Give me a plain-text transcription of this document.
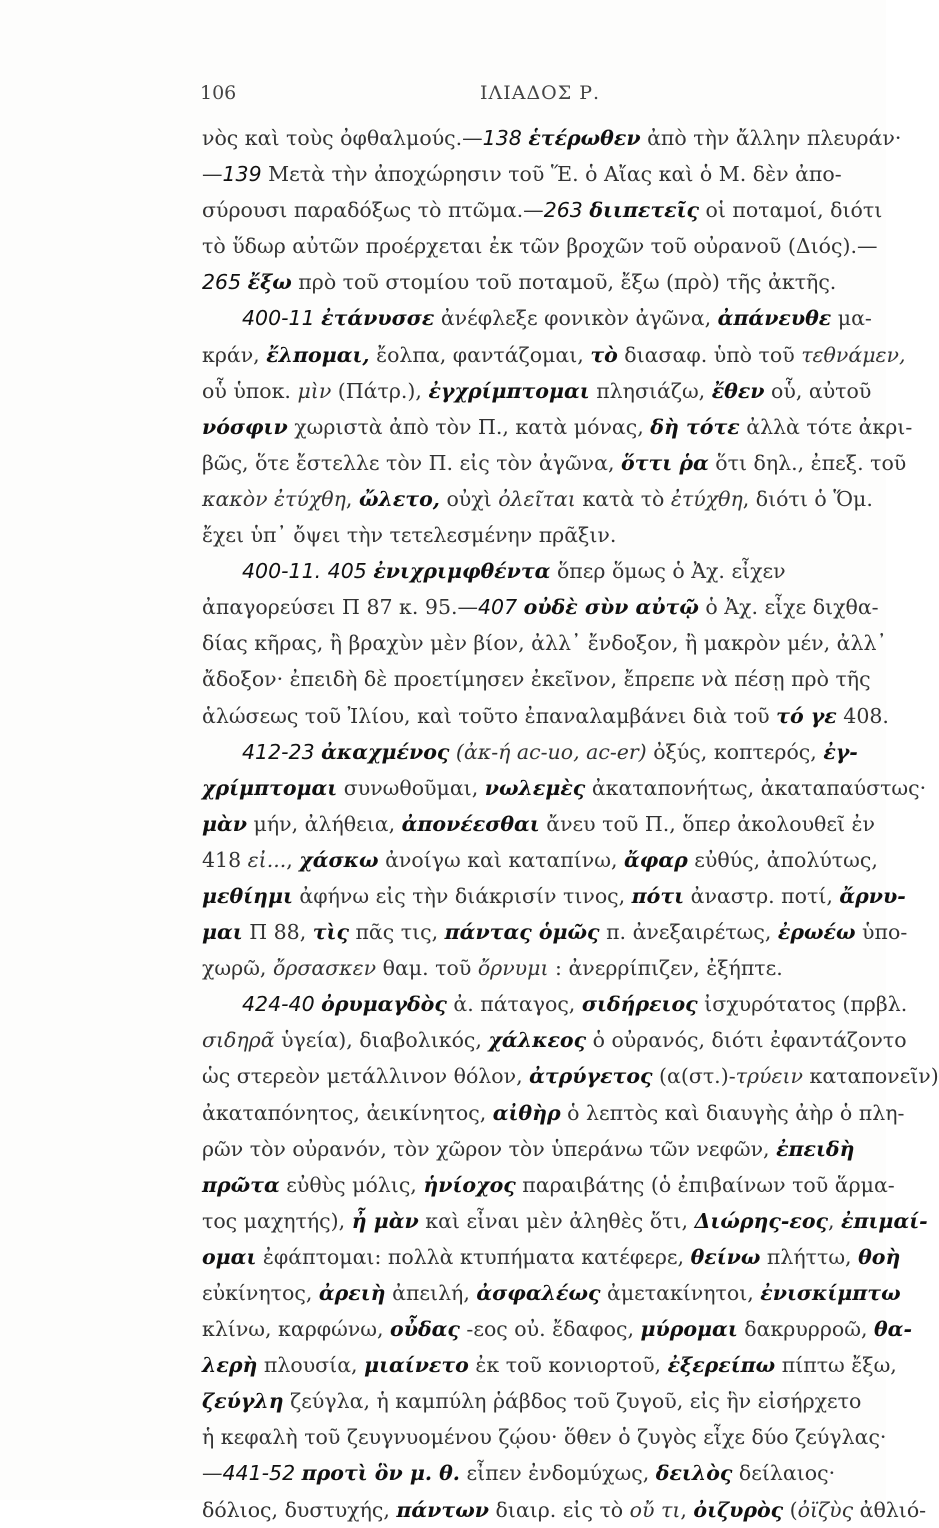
106	ΙΛΙΑΔΟΣ Ρ.
νὸς καὶ τοὺς ὀφθαλμούς.—138 ἑτέρωθεν ἀπὸ τὴν ἄλλην πλευράν·
—139 Μετὰ τὴν ἀποχώρησιν τοῦ Ἕ. ὁ Αἴας καὶ ὁ Μ. δὲν ἀπο-
σύρουσι παραδόξως τὸ πτῶμα.—263 διιπετεῖς οἱ ποταμοί, διότι
τὸ ὕδωρ αὐτῶν προέρχεται ἐκ τῶν βροχῶν τοῦ οὐρανοῦ (Διός).—
265 ἔξω πρὸ τοῦ στομίου τοῦ ποταμοῦ, ἔξω (πρὸ) τῆς ἀκτῆς.
400-11 ἐτάνυσσε ἀνέφλεξε φονικὸν ἀγῶνα, ἀπάνευθε μα-
κράν, ἔλπομαι, ἔολπα, φαντάζομαι, τὸ διασαφ. ὑπὸ τοῦ τεθνάμεν,
οὗ ὑποκ. μὶν (Πάτρ.), ἐγχρίμπτομαι πλησιάζω, ἔθεν οὗ, αὐτοῦ
νόσφιν χωριστὰ ἀπὸ τὸν Π., κατὰ μόνας, δὴ τότε ἀλλὰ τότε ἀκρι-
βῶς, ὅτε ἔστελλε τὸν Π. εἰς τὸν ἀγῶνα, ὅττι ῥα ὅτι δηλ., ἐπεξ. τοῦ
κακὸν ἐτύχθη, ὤλετο, οὐχὶ ὀλεῖται κατὰ τὸ ἐτύχθη, διότι ὁ Ὅμ.
ἔχει ὑπ᾽ ὄψει τὴν τετελεσμένην πρᾶξιν.
400-11. 405 ἐνιχριμφθέντα ὅπερ ὅμως ὁ Ἀχ. εἶχεν
ἀπαγορεύσει Π 87 κ. 95.—407 οὐδὲ σὺν αὐτῷ ὁ Ἀχ. εἶχε διχθα-
δίας κῆρας, ἢ βραχὺν μὲν βίον, ἀλλ᾽ ἔνδοξον, ἢ μακρὸν μέν, ἀλλ᾽
ἄδοξον· ἐπειδὴ δὲ προετίμησεν ἐκεῖνον, ἔπρεπε νὰ πέσῃ πρὸ τῆς
ἁλώσεως τοῦ Ἰλίου, καὶ τοῦτο ἐπαναλαμβάνει διὰ τοῦ τό γε 408.
412-23 ἀκαχμένος (ἀκ-ή ac-uo, ac-er) ὀξύς, κοπτερός, ἐγ-
χρίμπτομαι συνωθοῦμαι, νωλεμὲς ἀκαταπονήτως, ἀκαταπαύστως·
μὰν μήν, ἀλήθεια, ἀπονέεσθαι ἄνευ τοῦ Π., ὅπερ ἀκολουθεῖ ἐν
418 εἰ..., χάσκω ἀνοίγω καὶ καταπίνω, ἄφαρ εὐθύς, ἀπολύτως,
μεθίημι ἀφήνω εἰς τὴν διάκρισίν τινος, πότι ἀναστρ. ποτί, ἄρνυ-
μαι Π 88, τὶς πᾶς τις, πάντας ὁμῶς π. ἀνεξαιρέτως, ἐρωέω ὑπο-
χωρῶ, ὄρσασκεν θαμ. τοῦ ὄρνυμι : ἀνερρίπιζεν, ἐξήπτε.
424-40 ὀρυμαγδὸς ἀ. πάταγος, σιδήρειος ἰσχυρότατος (πρβλ.
σιδηρᾶ ὑγεία), διαβολικός, χάλκεος ὁ οὐρανός, διότι ἐφαντάζοντο
ὡς στερεὸν μετάλλινον θόλον, ἀτρύγετος (α(στ.)-τρύειν καταπονεῖν)
ἀκαταπόνητος, ἀεικίνητος, αἰθὴρ ὁ λεπτὸς καὶ διαυγὴς ἀὴρ ὁ πλη-
ρῶν τὸν οὐρανόν, τὸν χῶρον τὸν ὑπεράνω τῶν νεφῶν, ἐπειδὴ
πρῶτα εὐθὺς μόλις, ἡνίοχος παραιβάτης (ὁ ἐπιβαίνων τοῦ ἅρμα-
τος μαχητής), ἦ μὰν καὶ εἶναι μὲν ἀληθὲς ὅτι, Διώρης-εος, ἐπιμαί-
ομαι ἐφάπτομαι: πολλὰ κτυπήματα κατέφερε, θείνω πλήττω, θοὴ
εὐκίνητος, ἀρειὴ ἀπειλή, ἀσφαλέως ἀμετακίνητοι, ἐνισκίμπτω
κλίνω, καρφώνω, οὖδας -εος οὐ. ἔδαφος, μύρομαι δακρυρροῶ, θα-
λερὴ πλουσία, μιαίνετο ἐκ τοῦ κονιορτοῦ, ἐξερείπω πίπτω ἔξω,
ζεύγλη ζεύγλα, ἡ καμπύλη ῥάβδος τοῦ ζυγοῦ, εἰς ἣν εἰσήρχετο
ἡ κεφαλὴ τοῦ ζευγνυομένου ζῴου· ὅθεν ὁ ζυγὸς εἶχε δύο ζεύγλας·
—441-52 προτὶ ὃν μ. θ. εἶπεν ἐνδομύχως, δειλὸς δείλαιος·
δόλιος, δυστυχής, πάντων διαιρ. εἰς τὸ οὔ τι, ὀιζυρὸς (ὀϊζὺς ἀθλιό-
